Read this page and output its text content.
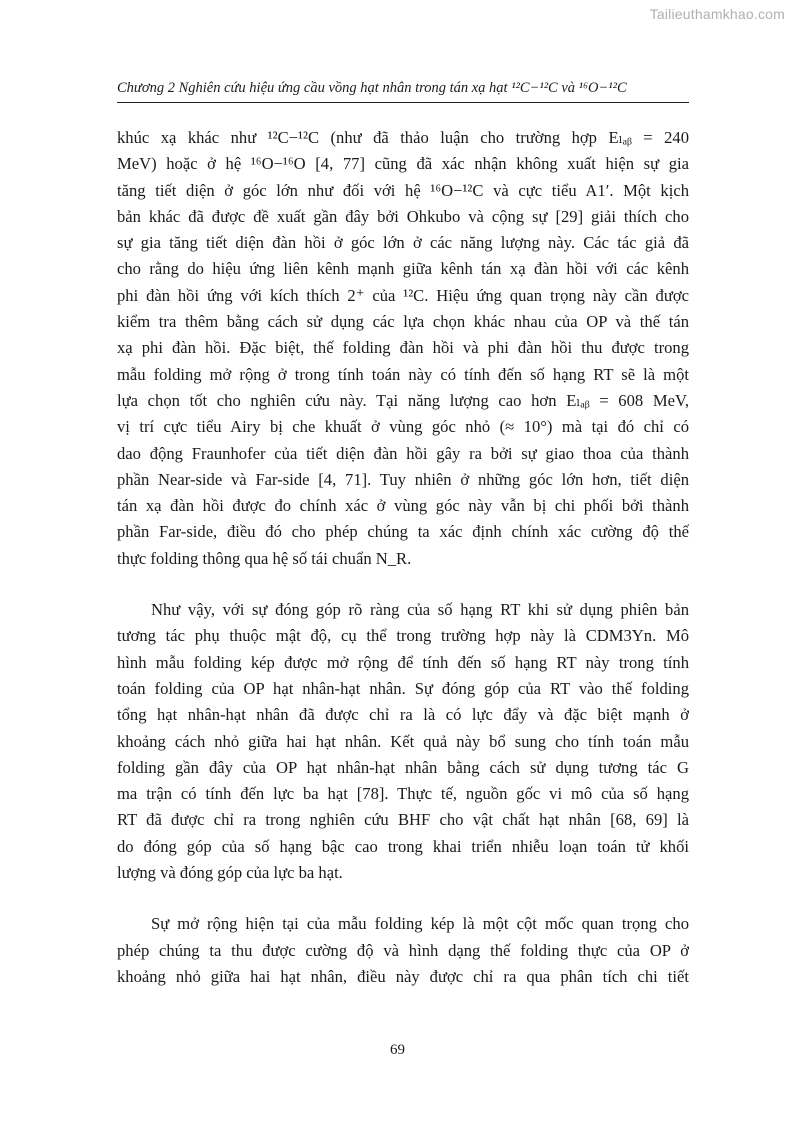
Tailieuthamkhao.com
Chương 2 Nghiên cứu hiệu ứng cầu vồng hạt nhân trong tán xạ hạt ¹²C−¹²C và ¹⁶O−¹²C
khúc xạ khác như ¹²C−¹²C (như đã thảo luận cho trường hợp Eₗₐᵦ = 240
MeV) hoặc ở hệ ¹⁶O−¹⁶O [4, 77] cũng đã xác nhận không xuất hiện sự gia
tăng tiết diện ở góc lớn như đối với hệ ¹⁶O−¹²C và cực tiểu A1′. Một kịch
bản khác đã được đề xuất gần đây bởi Ohkubo và cộng sự [29] giải thích cho
sự gia tăng tiết diện đàn hồi ở góc lớn ở các năng lượng này. Các tác giả đã
cho rằng do hiệu ứng liên kênh mạnh giữa kênh tán xạ đàn hồi với các kênh
phi đàn hồi ứng với kích thích 2⁺ của ¹²C. Hiệu ứng quan trọng này cần được
kiểm tra thêm bằng cách sử dụng các lựa chọn khác nhau của OP và thế tán
xạ phi đàn hồi. Đặc biệt, thế folding đàn hồi và phi đàn hồi thu được trong
mẫu folding mở rộng ở trong tính toán này có tính đến số hạng RT sẽ là một
lựa chọn tốt cho nghiên cứu này. Tại năng lượng cao hơn Eₗₐᵦ = 608 MeV,
vị trí cực tiểu Airy bị che khuất ở vùng góc nhỏ (≈ 10°) mà tại đó chỉ có
dao động Fraunhofer của tiết diện đàn hồi gây ra bởi sự giao thoa của thành
phần Near-side và Far-side [4, 71]. Tuy nhiên ở những góc lớn hơn, tiết diện
tán xạ đàn hồi được đo chính xác ở vùng góc này vẫn bị chi phối bởi thành
phần Far-side, điều đó cho phép chúng ta xác định chính xác cường độ thế
thực folding thông qua hệ số tái chuẩn N_R.
Như vậy, với sự đóng góp rõ ràng của số hạng RT khi sử dụng phiên bản
tương tác phụ thuộc mật độ, cụ thể trong trường hợp này là CDM3Yn. Mô
hình mẫu folding kép được mở rộng để tính đến số hạng RT này trong tính
toán folding của OP hạt nhân-hạt nhân. Sự đóng góp của RT vào thế folding
tổng hạt nhân-hạt nhân đã được chỉ ra là có lực đẩy và đặc biệt mạnh ở
khoảng cách nhỏ giữa hai hạt nhân. Kết quả này bổ sung cho tính toán mẫu
folding gần đây của OP hạt nhân-hạt nhân bằng cách sử dụng tương tác G
ma trận có tính đến lực ba hạt [78]. Thực tế, nguồn gốc vi mô của số hạng
RT đã được chỉ ra trong nghiên cứu BHF cho vật chất hạt nhân [68, 69] là
do đóng góp của số hạng bậc cao trong khai triển nhiễu loạn toán tử khối
lượng và đóng góp của lực ba hạt.
Sự mở rộng hiện tại của mẫu folding kép là một cột mốc quan trọng cho
phép chúng ta thu được cường độ và hình dạng thế folding thực của OP ở
khoảng nhỏ giữa hai hạt nhân, điều này được chỉ ra qua phân tích chi tiết
69
